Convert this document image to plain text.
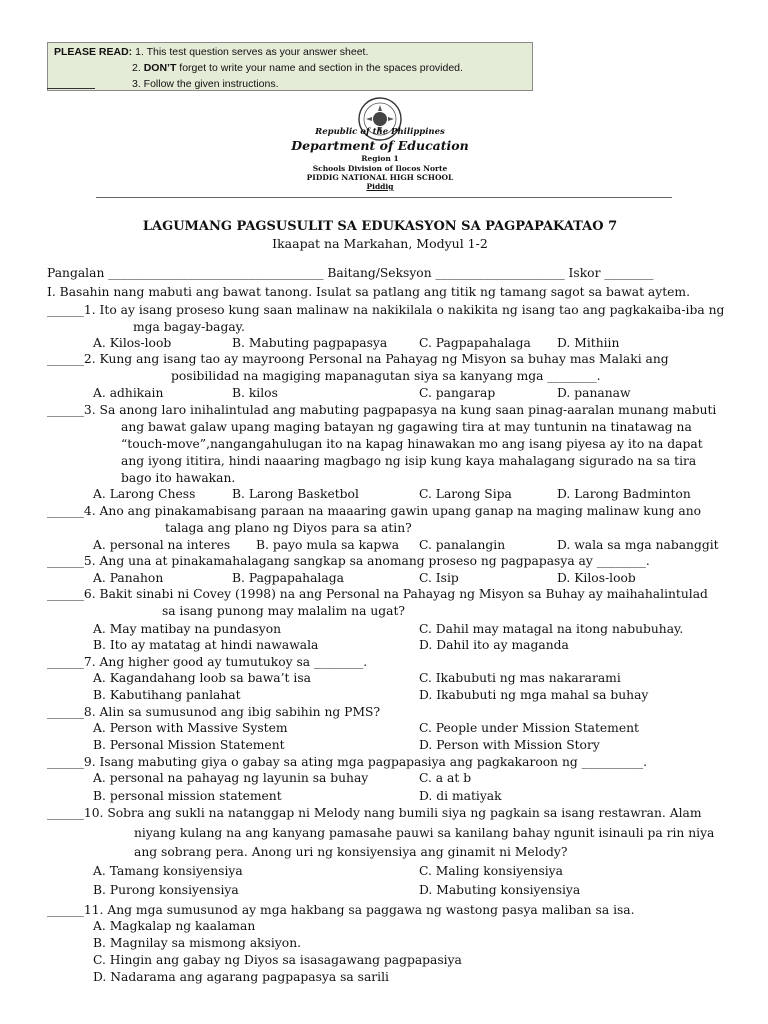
PLEASE READ: 1. This test question serves as your answer sheet.
2. DON’T forget to write your name and section in the spaces provided.
3. Follow the given instructions.
Republic of the Philippines
Department of Education
Region 1
Schools Division of Ilocos Norte
PIDDIG NATIONAL HIGH SCHOOL
Piddig
LAGUMANG PAGSUSULIT SA EDUKASYON SA PAGPAPAKATAO 7
Ikaapat na Markahan, Modyul 1-2
Pangalan ___________________________________ Baitang/Seksyon _____________________ Iskor ________
I. Basahin nang mabuti ang bawat tanong. Isulat sa patlang ang titik ng tamang sagot sa bawat aytem.
______1. Ito ay isang proseso kung saan malinaw na nakikilala o nakikita ng isang tao ang pagkakaiba-iba ng
mga bagay-bagay.
A. Kilos-loob	B. Mabuting pagpapasya	C. Pagpapahalaga D. Mithiin
______2. Kung ang isang tao ay mayroong Personal na Pahayag ng Misyon sa buhay mas Malaki ang
posibilidad na magiging mapanagutan siya sa kanyang mga ________.
A. adhikain	B. kilos	C. pangarap	D. pananaw
______3. Sa anong laro inihalintulad ang mabuting pagpapasya na kung saan pinag-aaralan munang mabuti
ang bawat galaw upang maging batayan ng gagawing tira at may tuntunin na tinatawag na
“touch-move”,nangangahulugan ito na kapag hinawakan mo ang isang piyesa ay ito na dapat
ang iyong ititira, hindi naaaring magbago ng isip kung kaya mahalagang sigurado na sa tira
bago ito hawakan.
A. Larong Chess	B. Larong Basketbol	C. Larong Sipa	D. Larong Badminton
______4. Ano ang pinakamabisang paraan na maaaring gawin upang ganap na maging malinaw kung ano
talaga ang plano ng Diyos para sa atin?
A. personal na interes B. payo mula sa kapwa C. panalangin	D. wala sa mga nabanggit
______5. Ang una at pinakamahalagang sangkap sa anomang proseso ng pagpapasya ay ________.
A. Panahon	B. Pagpapahalaga	C. Isip	D. Kilos-loob
______6. Bakit sinabi ni Covey (1998) na ang Personal na Pahayag ng Misyon sa Buhay ay maihahalintulad
sa isang punong may malalim na ugat?
A. May matibay na pundasyon	C. Dahil may matagal na itong nabubuhay.
B. Ito ay matatag at hindi nawawala	D. Dahil ito ay maganda
______7. Ang higher good ay tumutukoy sa ________.
A. Kagandahang loob sa bawa’t isa	C. Ikabubuti ng mas nakararami
B. Kabutihang panlahat	D. Ikabubuti ng mga mahal sa buhay
______8. Alin sa sumusunod ang ibig sabihin ng PMS?
A. Person with Massive System	C. People under Mission Statement
B. Personal Mission Statement	D. Person with Mission Story
______9. Isang mabuting giya o gabay sa ating mga pagpapasiya ang pagkakaroon ng __________.
A. personal na pahayag ng layunin sa buhay	C. a at b
B. personal mission statement	D. di matiyak
______10. Sobra ang sukli na natanggap ni Melody nang bumili siya ng pagkain sa isang restawran. Alam
niyang kulang na ang kanyang pamasahe pauwi sa kanilang bahay ngunit isinauli pa rin niya
ang sobrang pera. Anong uri ng konsiyensiya ang ginamit ni Melody?
A. Tamang konsiyensiya	C. Maling konsiyensiya
B. Purong konsiyensiya	D. Mabuting konsiyensiya
______11. Ang mga sumusunod ay mga hakbang sa paggawa ng wastong pasya maliban sa isa.
A. Magkalap ng kaalaman
B. Magnilay sa mismong aksiyon.
C. Hingin ang gabay ng Diyos sa isasagawang pagpapasiya
D. Nadarama ang agarang pagpapasya sa sarili
